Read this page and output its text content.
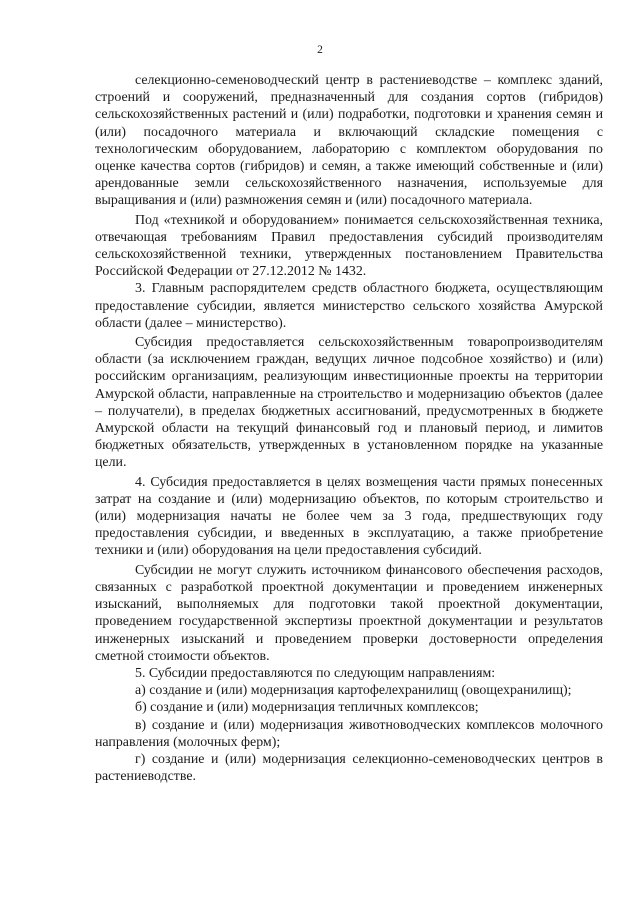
2

селекционно-семеноводческий центр в растениеводстве – комплекс зданий, строений и сооружений, предназначенный для создания сортов (гибридов) сельскохозяйственных растений и (или) подработки, подготовки и хранения семян и (или) посадочного материала и включающий складские помещения с технологическим оборудованием, лабораторию с комплектом оборудования по оценке качества сортов (гибридов) и семян, а также имеющий собственные и (или) арендованные земли сельскохозяйственного назначения, используемые для выращивания и (или) размножения семян и (или) посадочного материала.

Под «техникой и оборудованием» понимается сельскохозяйственная техника, отвечающая требованиям Правил предоставления субсидий производителям сельскохозяйственной техники, утвержденных постановлением Правительства Российской Федерации от 27.12.2012 № 1432.

3. Главным распорядителем средств областного бюджета, осуществляющим предоставление субсидии, является министерство сельского хозяйства Амурской области (далее – министерство).

Субсидия предоставляется сельскохозяйственным товаропроизводителям области (за исключением граждан, ведущих личное подсобное хозяйство) и (или) российским организациям, реализующим инвестиционные проекты на территории Амурской области, направленные на строительство и модернизацию объектов (далее – получатели), в пределах бюджетных ассигнований, предусмотренных в бюджете Амурской области на текущий финансовый год и плановый период, и лимитов бюджетных обязательств, утвержденных в установленном порядке на указанные цели.

4. Субсидия предоставляется в целях возмещения части прямых понесенных затрат на создание и (или) модернизацию объектов, по которым строительство и (или) модернизация начаты не более чем за 3 года, предшествующих году предоставления субсидии, и введенных в эксплуатацию, а также приобретение техники и (или) оборудования на цели предоставления субсидий.

Субсидии не могут служить источником финансового обеспечения расходов, связанных с разработкой проектной документации и проведением инженерных изысканий, выполняемых для подготовки такой проектной документации, проведением государственной экспертизы проектной документации и результатов инженерных изысканий и проведением проверки достоверности определения сметной стоимости объектов.

5. Субсидии предоставляются по следующим направлениям:

а) создание и (или) модернизация картофелехранилищ (овощехранилищ);

б) создание и (или) модернизация тепличных комплексов;

в) создание и (или) модернизация животноводческих комплексов молочного направления (молочных ферм);

г) создание и (или) модернизация селекционно-семеноводческих центров в растениеводстве.
